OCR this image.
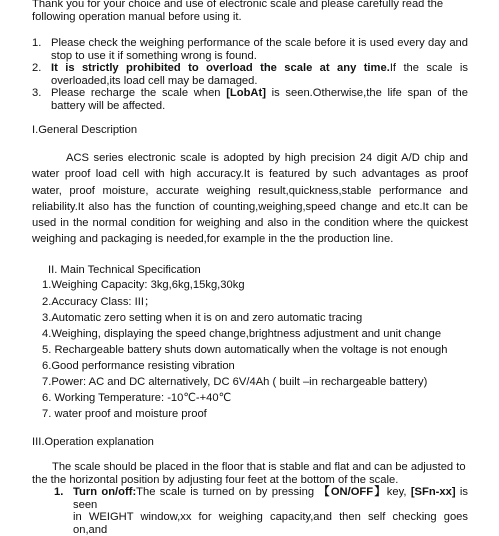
Thank you for your choice and use of electronic scale and please carefully read the
following operation manual before using it.
1. Please check the weighing performance of the scale before it is used every day and stop to use it if something wrong is found.
2. It is strictly prohibited to overload the scale at any time.If the scale is overloaded,its load cell may be damaged.
3. Please recharge the scale when [LobAt] is seen.Otherwise,the life span of the battery will be affected.
I.General Description
ACS series electronic scale is adopted by high precision 24 digit A/D chip and water proof load cell with high accuracy.It is featured by such advantages as proof water, proof moisture, accurate weighing result,quickness,stable performance and reliability.It also has the function of counting,weighing,speed change and etc.It can be used in the normal condition for weighing and also in the condition where the quickest weighing and packaging is needed,for example in the the production line.
II. Main Technical Specification
1.Weighing Capacity: 3kg,6kg,15kg,30kg
2.Accuracy Class: III；
3.Automatic zero setting when it is on and zero automatic tracing
4.Weighing, displaying the speed change,brightness adjustment and unit change
5. Rechargeable battery shuts down automatically when the voltage is not enough
6.Good performance resisting vibration
7.Power: AC and DC alternatively, DC 6V/4Ah ( built –in rechargeable battery)
6. Working Temperature: -10℃-+40℃
7. water proof and moisture proof
III.Operation explanation
The scale should be placed in the floor that is stable and flat and can be adjusted to
the the horizontal position by adjusting four feet at the bottom of the scale.
1. Turn on/off:The scale is turned on by pressing 【ON/OFF】key, [SFn-xx] is seen
in WEIGHT window,xx for weighing capacity,and then self checking goes on,and
